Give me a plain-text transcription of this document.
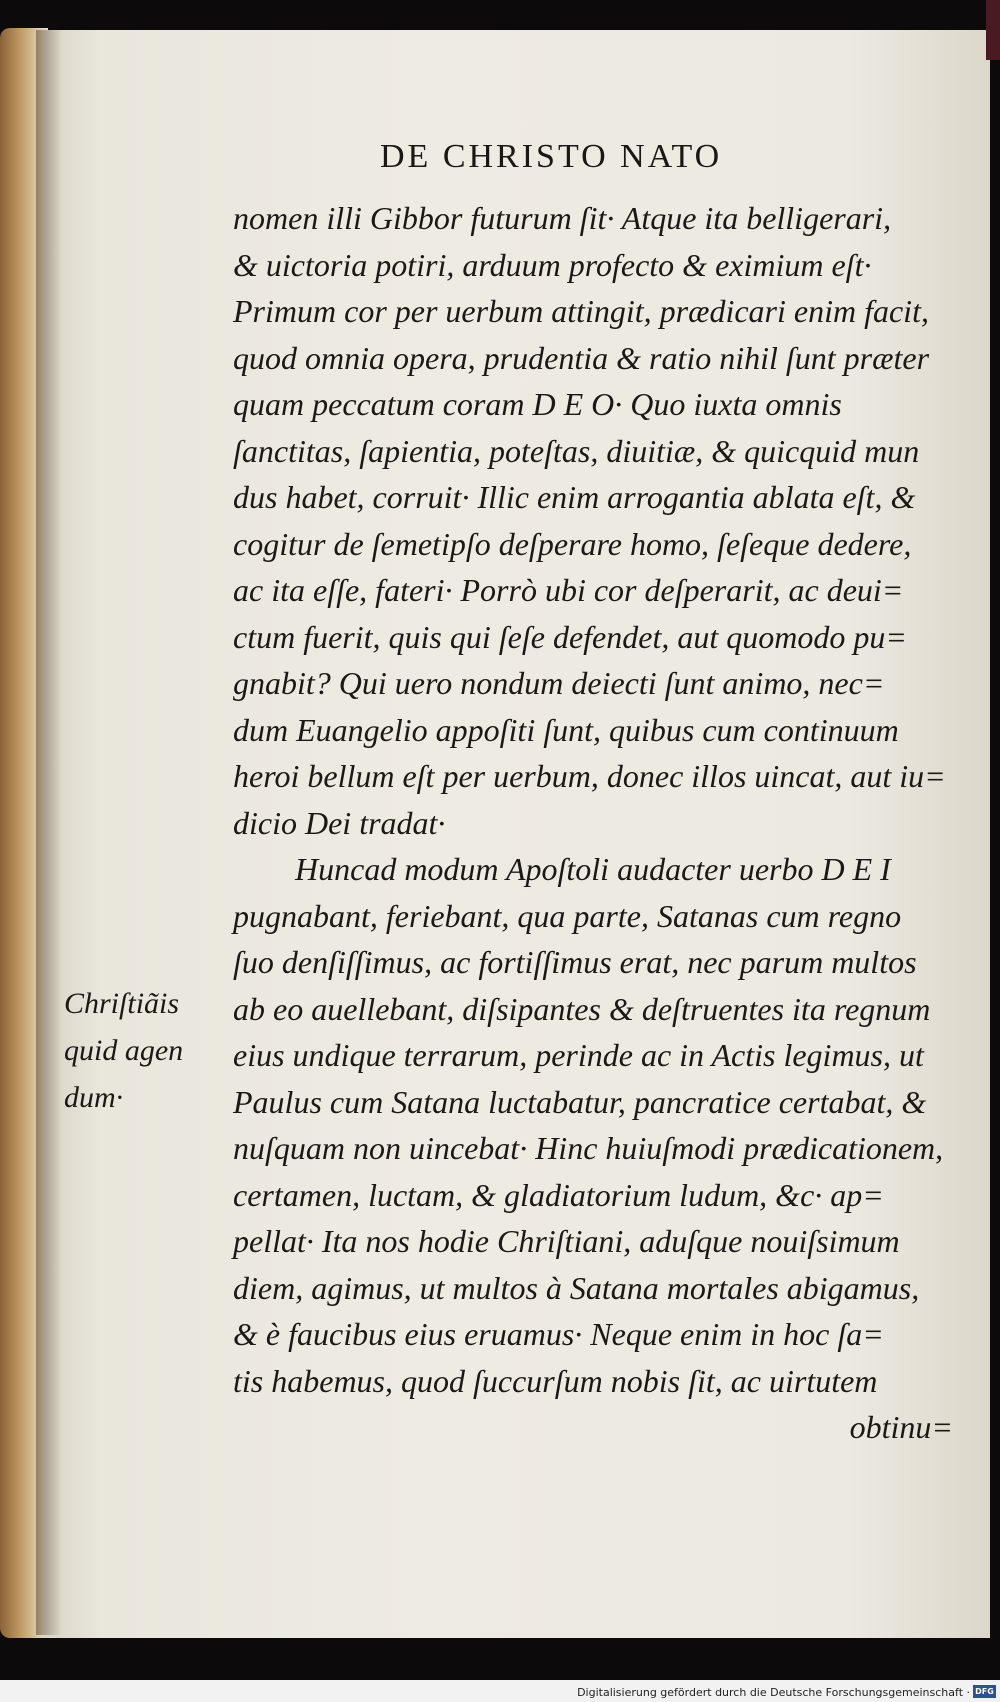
DE CHRISTO NATO
nomen illi Gibbor futurum ſit· Atque ita belligerari,
& uictoria potiri, arduum profecto & eximium eſt·
Primum cor per uerbum attingit, prædicari enim facit,
quod omnia opera, prudentia & ratio nihil ſunt præter
quam peccatum coram D E O· Quo iuxta omnis
ſanctitas, ſapientia, poteſtas, diuitiæ, & quicquid mun
dus habet, corruit· Illic enim arrogantia ablata eſt, &
cogitur de ſemetipſo deſperare homo, ſeſeque dedere,
ac ita eſſe, fateri· Porrò ubi cor deſperarit, ac deui=
ctum fuerit, quis qui ſeſe defendet, aut quomodo pu=
gnabit? Qui uero nondum deiecti ſunt animo, nec=
dum Euangelio appoſiti ſunt, quibus cum continuum
heroi bellum eſt per uerbum, donec illos uincat, aut iu=
dicio Dei tradat·
Huncad modum Apoſtoli audacter uerbo D E I
pugnabant, feriebant, qua parte, Satanas cum regno
ſuo denſiſſimus, ac fortiſſimus erat, nec parum multos
ab eo auellebant, diſsipantes & deſtruentes ita regnum
eius undique terrarum, perinde ac in Actis legimus, ut
Paulus cum Satana luctabatur, pancratice certabat, &
nuſquam non uincebat· Hinc huiuſmodi prædicationem,
certamen, luctam, & gladiatorium ludum, &c· ap=
pellat· Ita nos hodie Chriſtiani, aduſque nouiſsimum
diem, agimus, ut multos à Satana mortales abigamus,
& è faucibus eius eruamus· Neque enim in hoc ſa=
tis habemus, quod ſuccurſum nobis ſit, ac uirtutem
obtinu=
Chriſtiãis
quid agen
dum·
Digitalisierung gefördert durch die Deutsche Forschungsgemeinschaft · DFG
